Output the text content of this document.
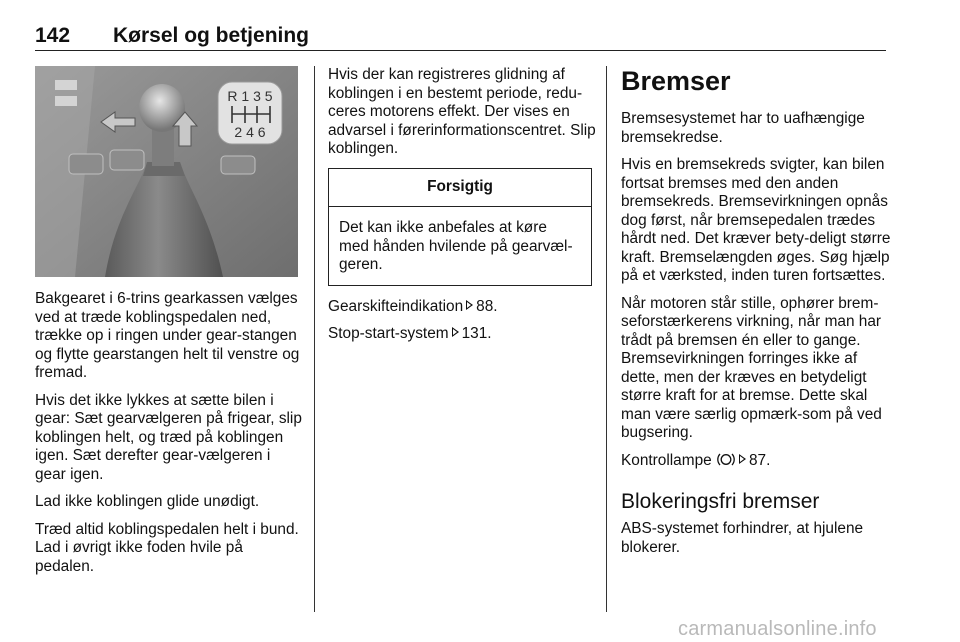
142 Kørsel og betjening
R 1 3 5
2 4 6

Bakgearet i 6-trins gearkassen vælges ved at træde koblingspedalen ned, trække op i ringen under gear-stangen og flytte gearstangen helt til venstre og fremad.

Hvis det ikke lykkes at sætte bilen i gear: Sæt gearvælgeren på frigear, slip koblingen helt, og træd på koblingen igen. Sæt derefter gear-vælgeren i gear igen.

Lad ikke koblingen glide unødigt.

Træd altid koblingspedalen helt i bund. Lad i øvrigt ikke foden hvile på pedalen.

Hvis der kan registreres glidning af koblingen i en bestemt periode, redu-ceres motorens effekt. Der vises en advarsel i førerinformationscentret. Slip koblingen.

Forsigtig
Det kan ikke anbefales at køre med hånden hvilende på gearvæl-geren.

Gearskifteindikation 88.

Stop-start-system 131.

Bremser

Bremsesystemet har to uafhængige bremsekredse.

Hvis en bremsekreds svigter, kan bilen fortsat bremses med den anden bremsekreds. Bremsevirkningen opnås dog først, når bremsepedalen trædes hårdt ned. Det kræver bety-deligt større kraft. Bremselængden øges. Søg hjælp på et værksted, inden turen fortsættes.

Når motoren står stille, ophører brem-seforstærkerens virkning, når man har trådt på bremsen én eller to gange. Bremsevirkningen forringes ikke af dette, men der kræves en betydeligt større kraft for at bremse. Dette skal man være særlig opmærk-som på ved bugsering.

Kontrollampe 87.

Blokeringsfri bremser

ABS-systemet forhindrer, at hjulene blokerer.

carmanualsonline.info
